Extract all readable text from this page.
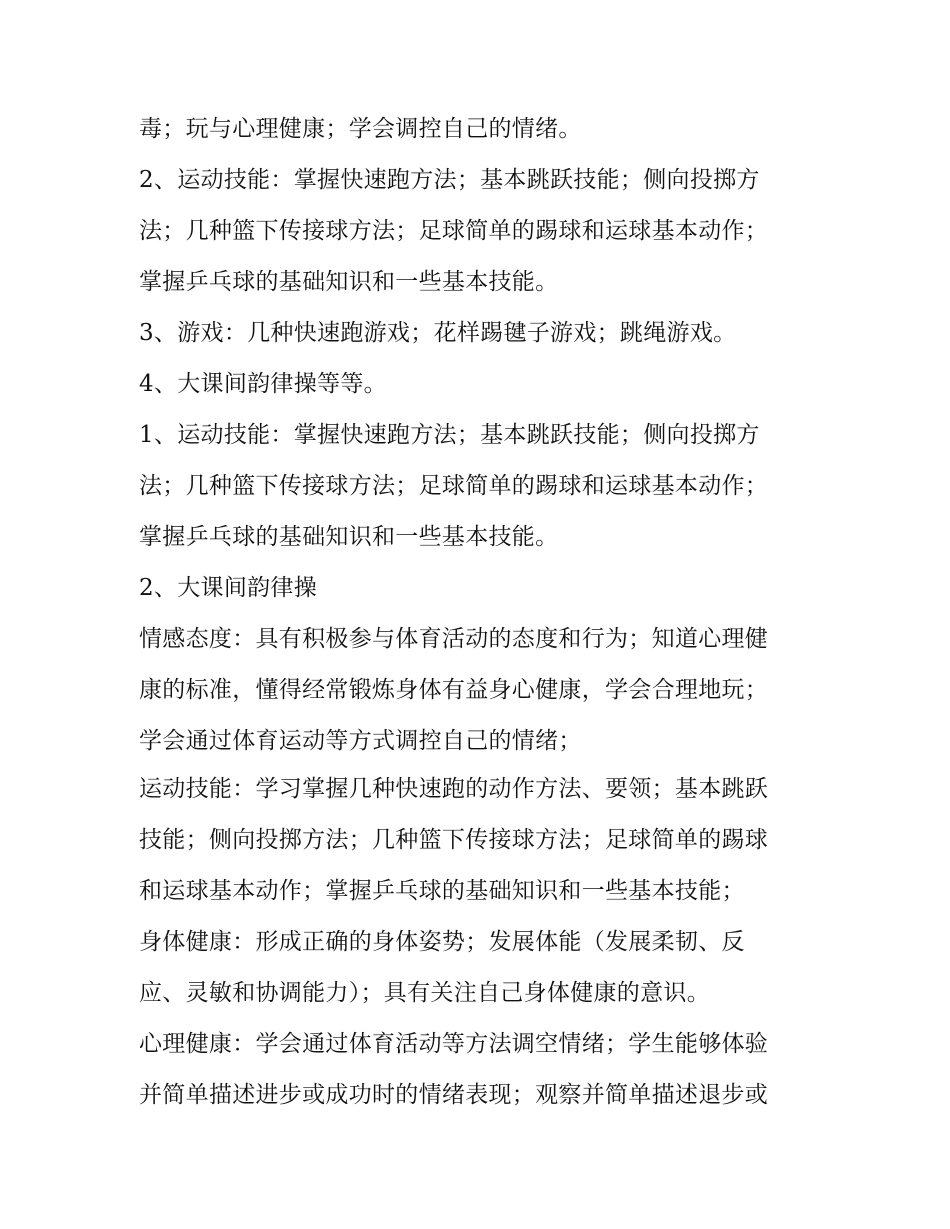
毒；玩与心理健康；学会调控自己的情绪。
2、运动技能：掌握快速跑方法；基本跳跃技能；侧向投掷方
法；几种篮下传接球方法；足球简单的踢球和运球基本动作；
掌握乒乓球的基础知识和一些基本技能。
3、游戏：几种快速跑游戏；花样踢毽子游戏；跳绳游戏。
4、大课间韵律操等等。
1、运动技能：掌握快速跑方法；基本跳跃技能；侧向投掷方
法；几种篮下传接球方法；足球简单的踢球和运球基本动作；
掌握乒乓球的基础知识和一些基本技能。
2、大课间韵律操
情感态度：具有积极参与体育活动的态度和行为；知道心理健
康的标准，懂得经常锻炼身体有益身心健康，学会合理地玩；
学会通过体育运动等方式调控自己的情绪；
运动技能：学习掌握几种快速跑的动作方法、要领；基本跳跃
技能；侧向投掷方法；几种篮下传接球方法；足球简单的踢球
和运球基本动作；掌握乒乓球的基础知识和一些基本技能；
身体健康：形成正确的身体姿势；发展体能（发展柔韧、反
应、灵敏和协调能力）；具有关注自己身体健康的意识。
心理健康：学会通过体育活动等方法调空情绪；学生能够体验
并简单描述进步或成功时的情绪表现；观察并简单描述退步或
